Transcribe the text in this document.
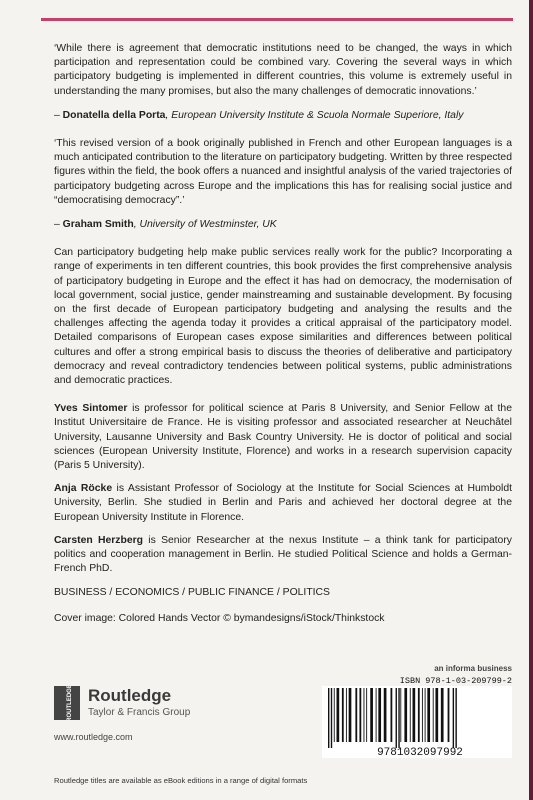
‘While there is agreement that democratic institutions need to be changed, the ways in which participation and representation could be combined vary. Covering the several ways in which participatory budgeting is implemented in different countries, this volume is extremely useful in understanding the many promises, but also the many challenges of democratic innovations.’

– Donatella della Porta, European University Institute & Scuola Normale Superiore, Italy

‘This revised version of a book originally published in French and other European languages is a much anticipated contribution to the literature on participatory budgeting. Written by three respected figures within the field, the book offers a nuanced and insightful analysis of the varied trajectories of participatory budgeting across Europe and the implications this has for realising social justice and “democratising democracy”.’

– Graham Smith, University of Westminster, UK

Can participatory budgeting help make public services really work for the public? Incorporating a range of experiments in ten different countries, this book provides the first comprehensive analysis of participatory budgeting in Europe and the effect it has had on democracy, the modernisation of local government, social justice, gender mainstreaming and sustainable development. By focusing on the first decade of European participatory budgeting and analysing the results and the challenges affecting the agenda today it provides a critical appraisal of the participatory model. Detailed comparisons of European cases expose similarities and differences between political cultures and offer a strong empirical basis to discuss the theories of deliberative and participatory democracy and reveal contradictory tendencies between political systems, public administrations and democratic practices.

Yves Sintomer is professor for political science at Paris 8 University, and Senior Fellow at the Institut Universitaire de France. He is visiting professor and associated researcher at Neuchâtel University, Lausanne University and Bask Country University. He is doctor of political and social sciences (European University Institute, Florence) and works in a research supervision capacity (Paris 5 University).

Anja Röcke is Assistant Professor of Sociology at the Institute for Social Sciences at Humboldt University, Berlin. She studied in Berlin and Paris and achieved her doctoral degree at the European University Institute in Florence.

Carsten Herzberg is Senior Researcher at the nexus Institute – a think tank for participatory politics and cooperation management in Berlin. He studied Political Science and holds a German-French PhD.

BUSINESS / ECONOMICS / PUBLIC FINANCE / POLITICS

Cover image: Colored Hands Vector © bymandesigns/iStock/Thinkstock

an informa business
ISBN 978-1-03-209799-2
9781032097992
ROUTLEDGE Routledge
Taylor & Francis Group
www.routledge.com
Routledge titles are available as eBook editions in a range of digital formats
